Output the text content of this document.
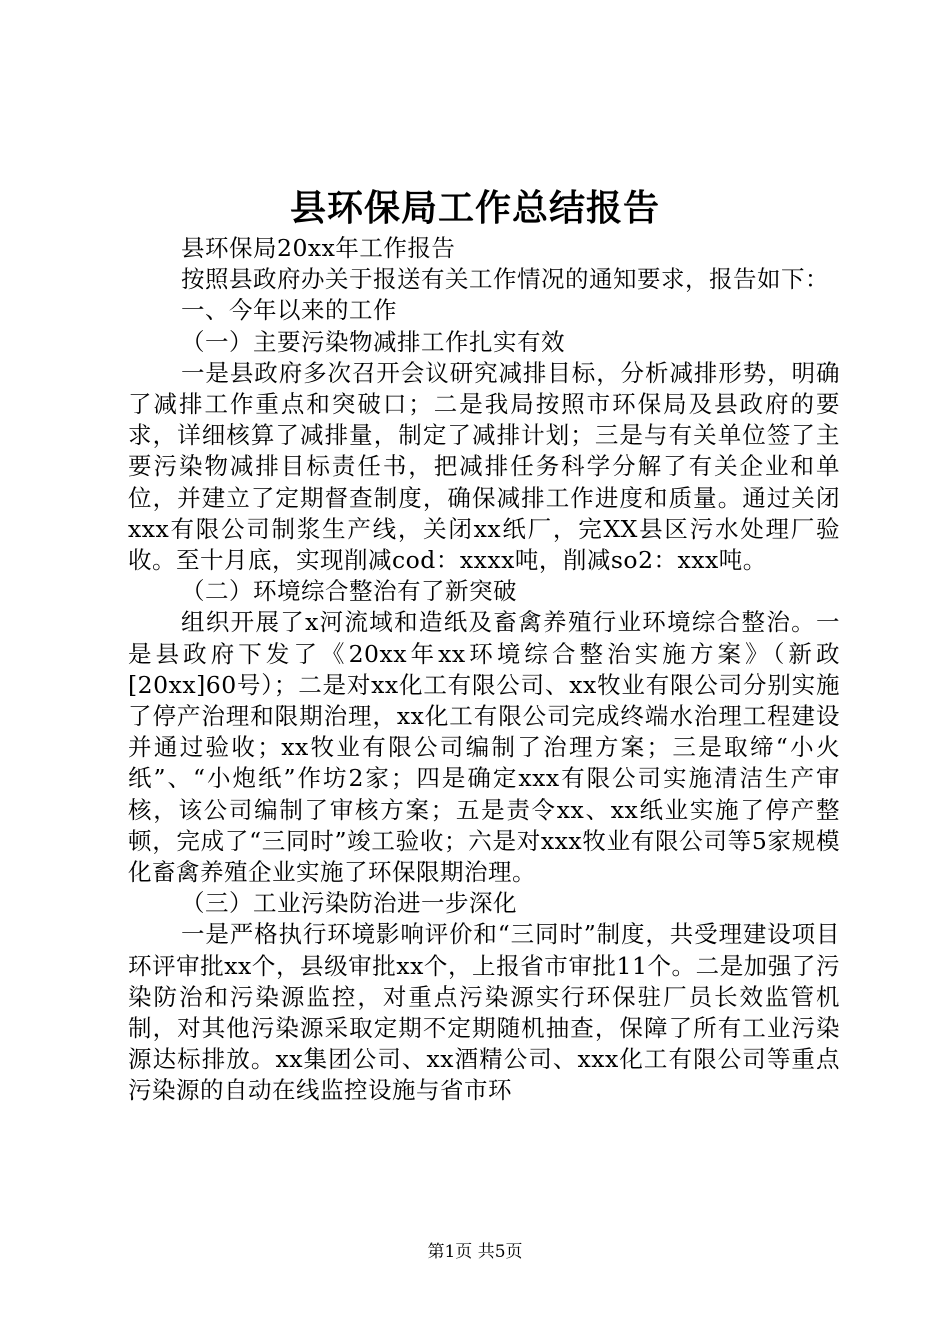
县环保局工作总结报告

县环保局20xx年工作报告

按照县政府办关于报送有关工作情况的通知要求，报告如下：

一、今年以来的工作

（一）主要污染物减排工作扎实有效

一是县政府多次召开会议研究减排目标，分析减排形势，明确了减排工作重点和突破口；二是我局按照市环保局及县政府的要求，详细核算了减排量，制定了减排计划；三是与有关单位签了主要污染物减排目标责任书，把减排任务科学分解了有关企业和单位，并建立了定期督查制度，确保减排工作进度和质量。通过关闭xxx有限公司制浆生产线，关闭xx纸厂，完XX县区污水处理厂验收。至十月底，实现削减cod：xxxx吨，削减so2：xxx吨。

（二）环境综合整治有了新突破

组织开展了x河流域和造纸及畜禽养殖行业环境综合整治。一是县政府下发了《20xx年xx环境综合整治实施方案》（新政[20xx]60号）；二是对xx化工有限公司、xx牧业有限公司分别实施了停产治理和限期治理，xx化工有限公司完成终端水治理工程建设并通过验收；xx牧业有限公司编制了治理方案；三是取缔“小火纸”、“小炮纸”作坊2家；四是确定xxx有限公司实施清洁生产审核，该公司编制了审核方案；五是责令xx、xx纸业实施了停产整顿，完成了“三同时”竣工验收；六是对xxx牧业有限公司等5家规模化畜禽养殖企业实施了环保限期治理。

（三）工业污染防治进一步深化

一是严格执行环境影响评价和“三同时”制度，共受理建设项目环评审批xx个，县级审批xx个，上报省市审批11个。二是加强了污染防治和污染源监控，对重点污染源实行环保驻厂员长效监管机制，对其他污染源采取定期不定期随机抽查，保障了所有工业污染源达标排放。xx集团公司、xx酒精公司、xxx化工有限公司等重点污染源的自动在线监控设施与省市环

第1页 共5页
